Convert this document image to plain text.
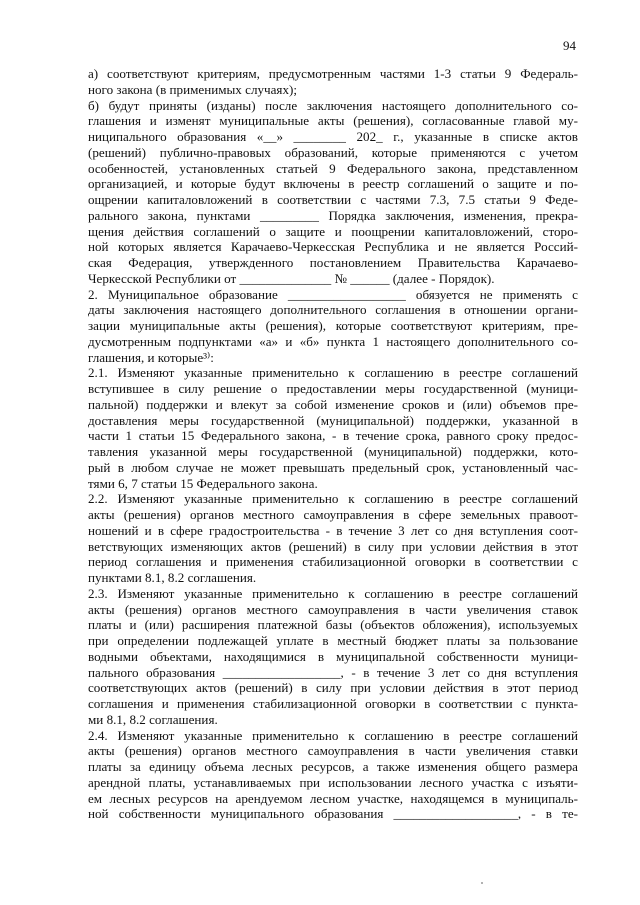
94
а) соответствуют критериям, предусмотренным частями 1-3 статьи 9 Федераль-
ного закона (в применимых случаях);
б) будут приняты (изданы) после заключения настоящего дополнительного со-
глашения и изменят муниципальные акты (решения), согласованные главой му-
ниципального образования «__» ________ 202_ г., указанные в списке актов
(решений) публично-правовых образований, которые применяются с учетом
особенностей, установленных статьей 9 Федерального закона, представленном
организацией, и которые будут включены в реестр соглашений о защите и по-
ощрении капиталовложений в соответствии с частями 7.3, 7.5 статьи 9 Феде-
рального закона, пунктами _________ Порядка заключения, изменения, прекра-
щения действия соглашений о защите и поощрении капиталовложений, сторо-
ной которых является Карачаево-Черкесская Республика и не является Россий-
ская Федерация, утвержденного постановлением Правительства Карачаево-
Черкесской Республики от ______________ № ______ (далее - Порядок).
2. Муниципальное образование __________________ обязуется не применять с
даты заключения настоящего дополнительного соглашения в отношении органи-
зации муниципальные акты (решения), которые соответствуют критериям, пре-
дусмотренным подпунктами «а» и «б» пункта 1 настоящего дополнительного со-
глашения, и которые³⁾:
2.1. Изменяют указанные применительно к соглашению в реестре соглашений
вступившее в силу решение о предоставлении меры государственной (муници-
пальной) поддержки и влекут за собой изменение сроков и (или) объемов пре-
доставления меры государственной (муниципальной) поддержки, указанной в
части 1 статьи 15 Федерального закона, - в течение срока, равного сроку предос-
тавления указанной меры государственной (муниципальной) поддержки, кото-
рый в любом случае не может превышать предельный срок, установленный час-
тями 6, 7 статьи 15 Федерального закона.
2.2. Изменяют указанные применительно к соглашению в реестре соглашений
акты (решения) органов местного самоуправления в сфере земельных правоот-
ношений и в сфере градостроительства - в течение 3 лет со дня вступления соот-
ветствующих изменяющих актов (решений) в силу при условии действия в этот
период соглашения и применения стабилизационной оговорки в соответствии с
пунктами 8.1, 8.2 соглашения.
2.3. Изменяют указанные применительно к соглашению в реестре соглашений
акты (решения) органов местного самоуправления в части увеличения ставок
платы и (или) расширения платежной базы (объектов обложения), используемых
при определении подлежащей уплате в местный бюджет платы за пользование
водными объектами, находящимися в муниципальной собственности муници-
пального образования __________________, - в течение 3 лет со дня вступления
соответствующих актов (решений) в силу при условии действия в этот период
соглашения и применения стабилизационной оговорки в соответствии с пункта-
ми 8.1, 8.2 соглашения.
2.4. Изменяют указанные применительно к соглашению в реестре соглашений
акты (решения) органов местного самоуправления в части увеличения ставки
платы за единицу объема лесных ресурсов, а также изменения общего размера
арендной платы, устанавливаемых при использовании лесного участка с изъяти-
ем лесных ресурсов на арендуемом лесном участке, находящемся в муниципаль-
ной собственности муниципального образования ___________________, - в те-
